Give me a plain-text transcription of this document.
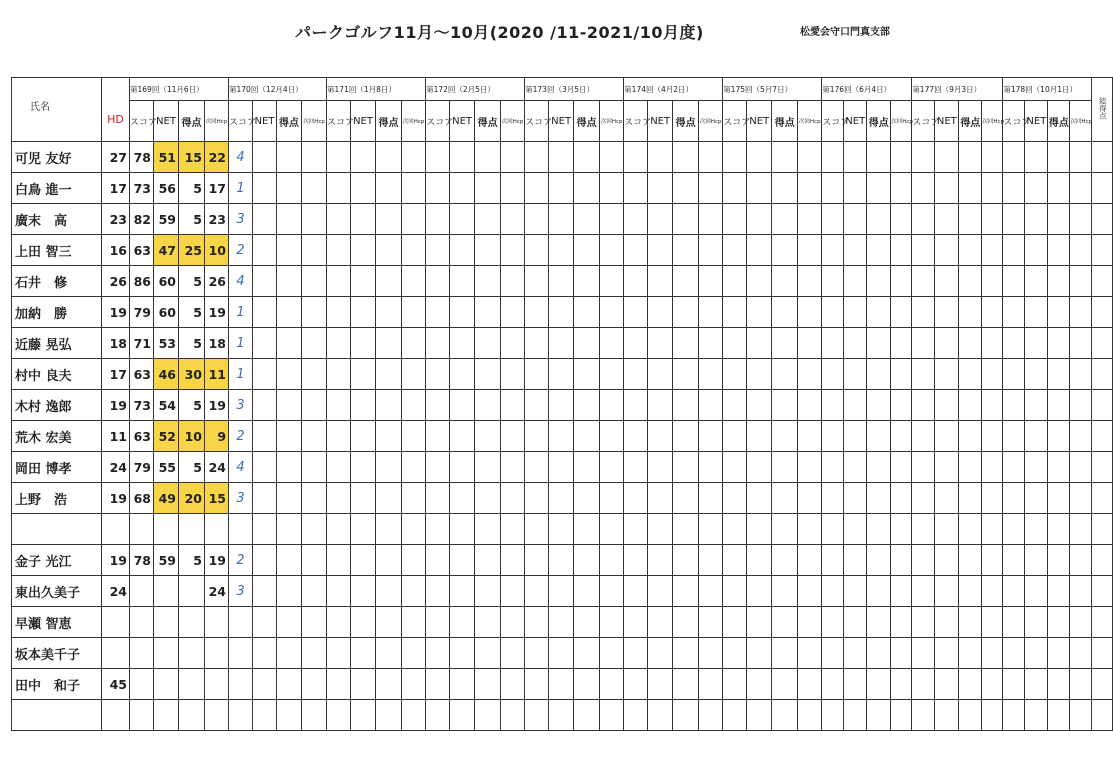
パークゴルフ11月～10月(2020 /11-2021/10月度)	松愛会守口門真支部
氏名	HD	第169回（11月6日）				第170回（12月4日）				第171回（1月8日）				第172回（2月5日）				第173回（3月5日）				第174回（4月2日）				第175回（5月7日）				第176回（6月4日）				第177回（9月3日）				第178回（10月1日）				総得点
		スコア	NET	得点	次回Hcp	スコア	NET	得点	次回Hcp	スコア	NET	得点	次回Hcp	スコア	NET	得点	次回Hcp	スコア	NET	得点	次回Hcp	スコア	NET	得点	次回Hcp	スコア	NET	得点	次回Hcp	スコア	NET	得点	次回Hcp	スコア	NET	得点	次回Hcp	スコア	NET	得点	次回Hcp	
可児 友好	27	78	51	15	22	4																																				
白鳥 進一	17	73	56	5	17	1																																				
廣末　高	23	82	59	5	23	3																																				
上田 智三	16	63	47	25	10	2																																				
石井　修	26	86	60	5	26	4																																				
加納　勝	19	79	60	5	19	1																																				
近藤 晃弘	18	71	53	5	18	1																																				
村中 良夫	17	63	46	30	11	1																																				
木村 逸郎	19	73	54	5	19	3																																				
荒木 宏美	11	63	52	10	9	2																																				
岡田 博孝	24	79	55	5	24	4																																				
上野　浩	19	68	49	20	15	3																																				

金子 光江	19	78	59	5	19	2																																				
東出久美子	24				24	3																																				
早瀬 智恵																																										
坂本美千子																																										
田中　和子	45																																									
